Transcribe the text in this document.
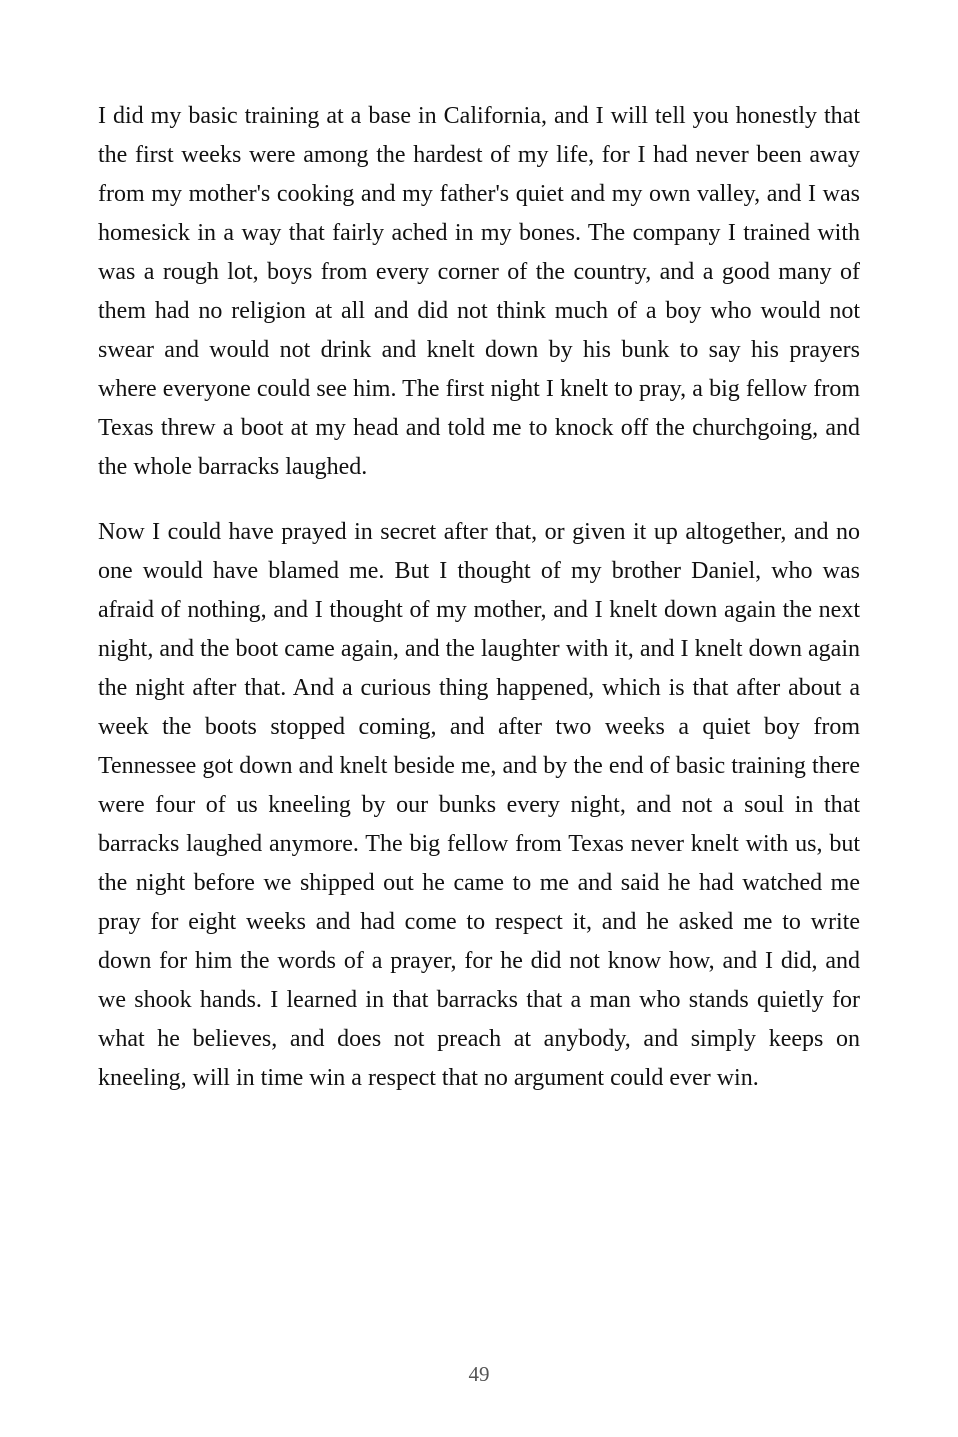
I did my basic training at a base in California, and I will tell you honestly that the first weeks were among the hardest of my life, for I had never been away from my mother's cooking and my father's quiet and my own valley, and I was homesick in a way that fairly ached in my bones. The company I trained with was a rough lot, boys from every corner of the country, and a good many of them had no religion at all and did not think much of a boy who would not swear and would not drink and knelt down by his bunk to say his prayers where everyone could see him. The first night I knelt to pray, a big fellow from Texas threw a boot at my head and told me to knock off the churchgoing, and the whole barracks laughed.

Now I could have prayed in secret after that, or given it up altogether, and no one would have blamed me. But I thought of my brother Daniel, who was afraid of nothing, and I thought of my mother, and I knelt down again the next night, and the boot came again, and the laughter with it, and I knelt down again the night after that. And a curious thing happened, which is that after about a week the boots stopped coming, and after two weeks a quiet boy from Tennessee got down and knelt beside me, and by the end of basic training there were four of us kneeling by our bunks every night, and not a soul in that barracks laughed anymore. The big fellow from Texas never knelt with us, but the night before we shipped out he came to me and said he had watched me pray for eight weeks and had come to respect it, and he asked me to write down for him the words of a prayer, for he did not know how, and I did, and we shook hands. I learned in that barracks that a man who stands quietly for what he believes, and does not preach at anybody, and simply keeps on kneeling, will in time win a respect that no argument could ever win.

49
